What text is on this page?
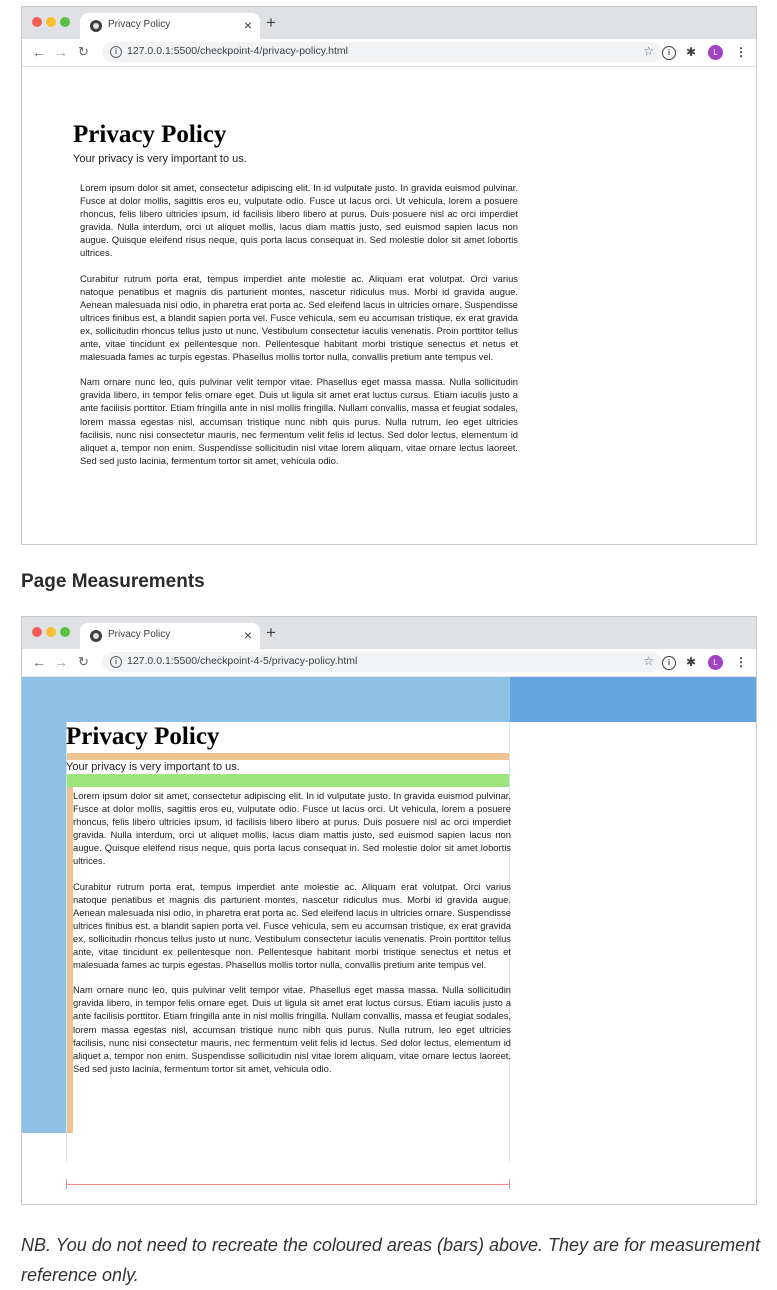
Privacy Policy	× +
← → ↻	i 127.0.0.1:5500/checkpoint-4/privacy-policy.html	☆	i	✱	L	⋮
Privacy Policy

Your privacy is very important to us.

Lorem ipsum dolor sit amet, consectetur adipiscing elit. In id vulputate justo. In gravida euismod pulvinar. Fusce at dolor mollis, sagittis eros eu, vulputate odio. Fusce ut lacus orci. Ut vehicula, lorem a posuere rhoncus, felis libero ultricies ipsum, id facilisis libero libero at purus. Duis posuere nisl ac orci imperdiet gravida. Nulla interdum, orci ut aliquet mollis, lacus diam mattis justo, sed euismod sapien lacus non augue. Quisque eleifend risus neque, quis porta lacus consequat in. Sed molestie dolor sit amet lobortis ultrices.

Curabitur rutrum porta erat, tempus imperdiet ante molestie ac. Aliquam erat volutpat. Orci varius natoque penatibus et magnis dis parturient montes, nascetur ridiculus mus. Morbi id gravida augue. Aenean malesuada nisi odio, in pharetra erat porta ac. Sed eleifend lacus in ultricies ornare. Suspendisse ultrices finibus est, a blandit sapien porta vel. Fusce vehicula, sem eu accumsan tristique, ex erat gravida ex, sollicitudin rhoncus tellus justo ut nunc. Vestibulum consectetur iaculis venenatis. Proin porttitor tellus ante, vitae tincidunt ex pellentesque non. Pellentesque habitant morbi tristique senectus et netus et malesuada fames ac turpis egestas. Phasellus mollis tortor nulla, convallis pretium ante tempus vel.

Nam ornare nunc leo, quis pulvinar velit tempor vitae. Phasellus eget massa massa. Nulla sollicitudin gravida libero, in tempor felis ornare eget. Duis ut ligula sit amet erat luctus cursus. Etiam iaculis justo a ante facilisis porttitor. Etiam fringilla ante in nisl mollis fringilla. Nullam convallis, massa et feugiat sodales, lorem massa egestas nisl, accumsan tristique nunc nibh quis purus. Nulla rutrum, leo eget ultricies facilisis, nunc nisi consectetur mauris, nec fermentum velit felis id lectus. Sed dolor lectus, elementum id aliquet a, tempor non enim. Suspendisse sollicitudin nisl vitae lorem aliquam, vitae ornare lectus laoreet. Sed sed justo lacinia, fermentum tortor sit amet, vehicula odio.

Page Measurements
Privacy Policy	× +
← → ↻	i 127.0.0.1:5500/checkpoint-4-5/privacy-policy.html	☆	i	✱	L	⋮
Privacy Policy

Your privacy is very important to us.

Lorem ipsum dolor sit amet, consectetur adipiscing elit. In id vulputate justo. In gravida euismod pulvinar. Fusce at dolor mollis, sagittis eros eu, vulputate odio. Fusce ut lacus orci. Ut vehicula, lorem a posuere rhoncus, felis libero ultricies ipsum, id facilisis libero libero at purus. Duis posuere nisl ac orci imperdiet gravida. Nulla interdum, orci ut aliquet mollis, lacus diam mattis justo, sed euismod sapien lacus non augue. Quisque eleifend risus neque, quis porta lacus consequat in. Sed molestie dolor sit amet lobortis ultrices.

Curabitur rutrum porta erat, tempus imperdiet ante molestie ac. Aliquam erat volutpat. Orci varius natoque penatibus et magnis dis parturient montes, nascetur ridiculus mus. Morbi id gravida augue. Aenean malesuada nisi odio, in pharetra erat porta ac. Sed eleifend lacus in ultricies ornare. Suspendisse ultrices finibus est, a blandit sapien porta vel. Fusce vehicula, sem eu accumsan tristique, ex erat gravida ex, sollicitudin rhoncus tellus justo ut nunc. Vestibulum consectetur iaculis venenatis. Proin porttitor tellus ante, vitae tincidunt ex pellentesque non. Pellentesque habitant morbi tristique senectus et netus et malesuada fames ac turpis egestas. Phasellus mollis tortor nulla, convallis pretium ante tempus vel.

Nam ornare nunc leo, quis pulvinar velit tempor vitae. Phasellus eget massa massa. Nulla sollicitudin gravida libero, in tempor felis ornare eget. Duis ut ligula sit amet erat luctus cursus. Etiam iaculis justo a ante facilisis porttitor. Etiam fringilla ante in nisl mollis fringilla. Nullam convallis, massa et feugiat sodales, lorem massa egestas nisl, accumsan tristique nunc nibh quis purus. Nulla rutrum, leo eget ultricies facilisis, nunc nisi consectetur mauris, nec fermentum velit felis id lectus. Sed dolor lectus, elementum id aliquet a, tempor non enim. Suspendisse sollicitudin nisl vitae lorem aliquam, vitae ornare lectus laoreet. Sed sed justo lacinia, fermentum tortor sit amet, vehicula odio.

NB. You do not need to recreate the coloured areas (bars) above. They are for measurement reference only.
